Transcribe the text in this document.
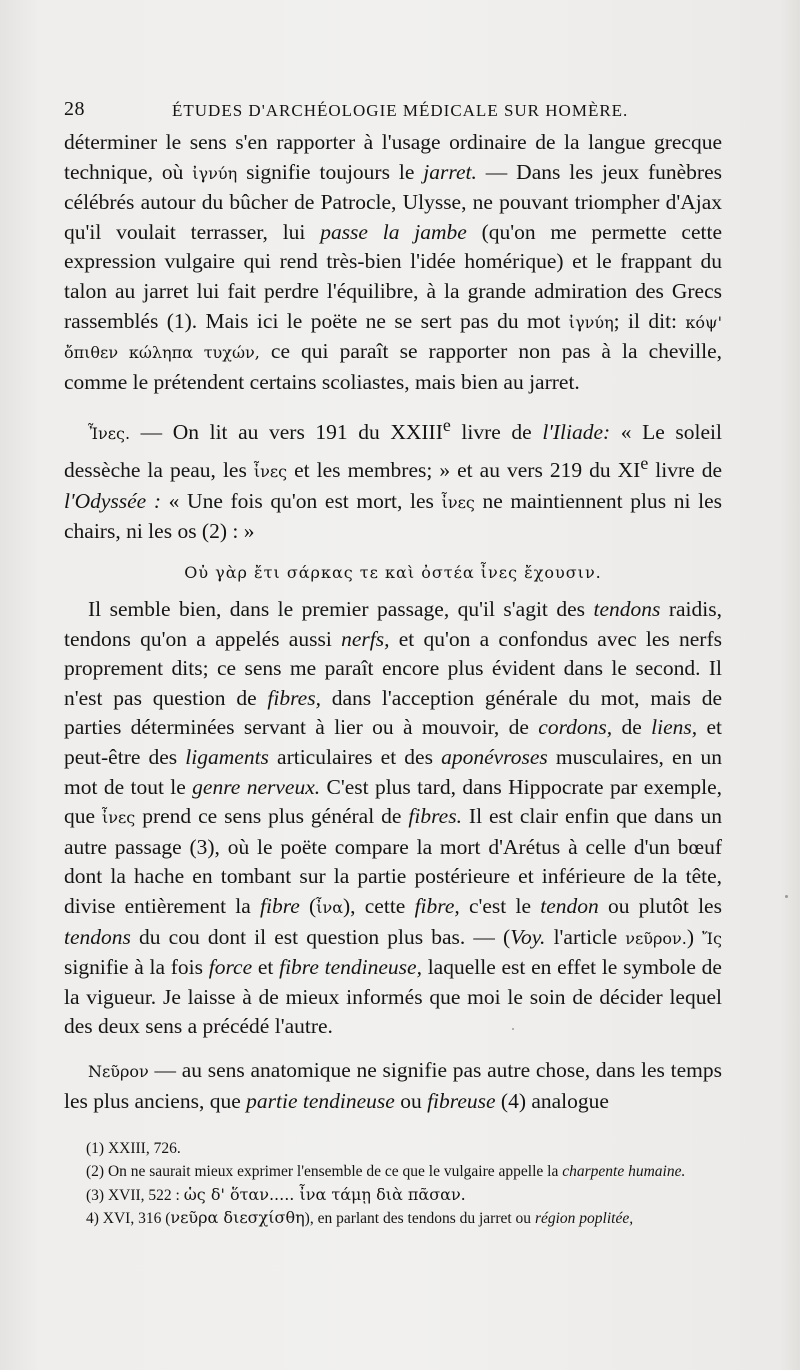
28	ÉTUDES D'ARCHÉOLOGIE MÉDICALE SUR HOMÈRE.

déterminer le sens s'en rapporter à l'usage ordinaire de la langue grecque technique, où ἰγνύη signifie toujours le jarret. — Dans les jeux funèbres célébrés autour du bûcher de Patrocle, Ulysse, ne pouvant triompher d'Ajax qu'il voulait terrasser, lui passe la jambe (qu'on me permette cette expression vulgaire qui rend très-bien l'idée homérique) et le frappant du talon au jarret lui fait perdre l'équilibre, à la grande admiration des Grecs rassemblés (1). Mais ici le poëte ne se sert pas du mot ἰγνύη; il dit: κόψ' ὄπιθεν κώληπα τυχών, ce qui paraît se rapporter non pas à la cheville, comme le prétendent certains scoliastes, mais bien au jarret.

Ἶνες. — On lit au vers 191 du XXIIIe livre de l'Iliade: « Le soleil dessèche la peau, les ἶνες et les membres; » et au vers 219 du XIe livre de l'Odyssée : « Une fois qu'on est mort, les ἶνες ne maintiennent plus ni les chairs, ni les os (2) : »

Οὐ γὰρ ἔτι σάρκας τε καὶ ὀστέα ἶνες ἔχουσιν.

Il semble bien, dans le premier passage, qu'il s'agit des tendons raidis, tendons qu'on a appelés aussi nerfs, et qu'on a confondus avec les nerfs proprement dits; ce sens me paraît encore plus évident dans le second. Il n'est pas question de fibres, dans l'acception générale du mot, mais de parties déterminées servant à lier ou à mouvoir, de cordons, de liens, et peut-être des ligaments articulaires et des aponévroses musculaires, en un mot de tout le genre nerveux. C'est plus tard, dans Hippocrate par exemple, que ἶνες prend ce sens plus général de fibres. Il est clair enfin que dans un autre passage (3), où le poëte compare la mort d'Arétus à celle d'un bœuf dont la hache en tombant sur la partie postérieure et inférieure de la tête, divise entièrement la fibre (ἶνα), cette fibre, c'est le tendon ou plutôt les tendons du cou dont il est question plus bas. — (Voy. l'article νεῦρον.) Ἴς signifie à la fois force et fibre tendineuse, laquelle est en effet le symbole de la vigueur. Je laisse à de mieux informés que moi le soin de décider lequel des deux sens a précédé l'autre.

Νεῦρον — au sens anatomique ne signifie pas autre chose, dans les temps les plus anciens, que partie tendineuse ou fibreuse (4) analogue

(1) XXIII, 726.

(2) On ne saurait mieux exprimer l'ensemble de ce que le vulgaire appelle la charpente humaine.

(3) XVII, 522 : ὡς δ' ὅταν..... ἶνα τάμῃ διὰ πᾶσαν.

4) XVI, 316 (νεῦρα διεσχίσθη), en parlant des tendons du jarret ou région poplitée,
